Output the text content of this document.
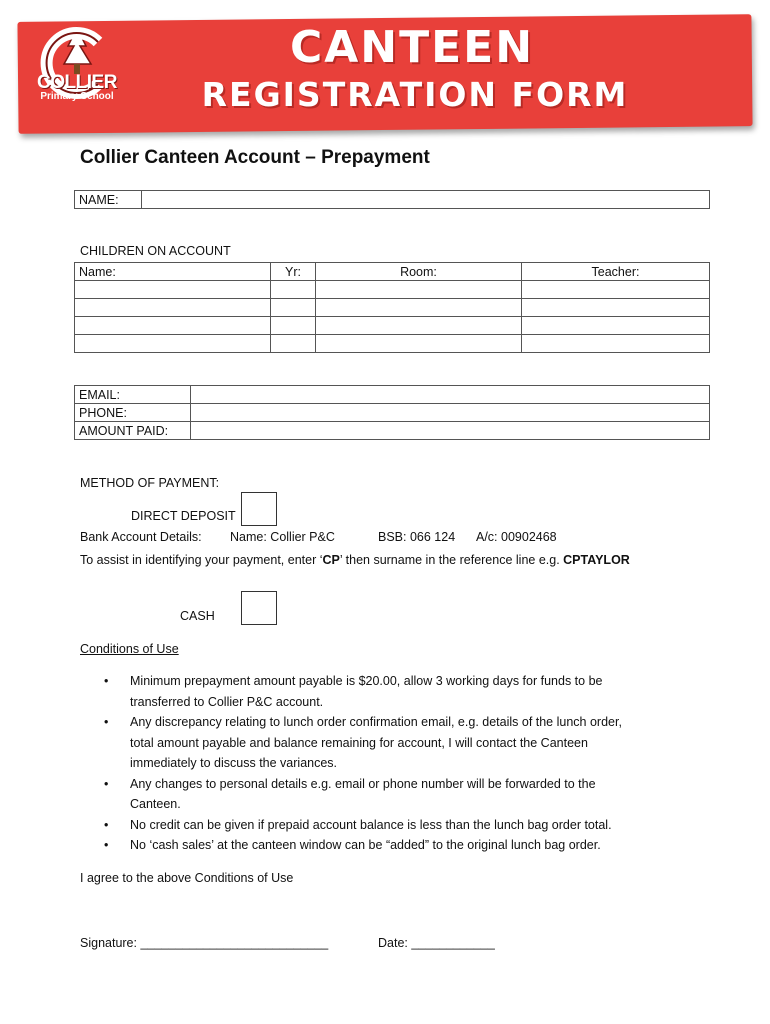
COLLIER
Primary School
CANTEEN
REGISTRATION FORM
Collier Canteen Account – Prepayment
NAME:	
CHILDREN ON ACCOUNT
Name:	Yr:	Room:	Teacher:

EMAIL:	
PHONE:	
AMOUNT PAID:	
METHOD OF PAYMENT:
DIRECT DEPOSIT
Bank Account Details: Name: Collier P&C	BSB: 066 124 A/c: 00902468
To assist in identifying your payment, enter ‘CP’ then surname in the reference line e.g. CPTAYLOR
CASH
Conditions of Use
• Minimum prepayment amount payable is $20.00, allow 3 working days for funds to be
transferred to Collier P&C account.
• Any discrepancy relating to lunch order confirmation email, e.g. details of the lunch order,
total amount payable and balance remaining for account, I will contact the Canteen
immediately to discuss the variances.
• Any changes to personal details e.g. email or phone number will be forwarded to the
Canteen.
• No credit can be given if prepaid account balance is less than the lunch bag order total.
• No ‘cash sales’ at the canteen window can be “added” to the original lunch bag order.
I agree to the above Conditions of Use
Signature: ___________________________	Date: ____________
